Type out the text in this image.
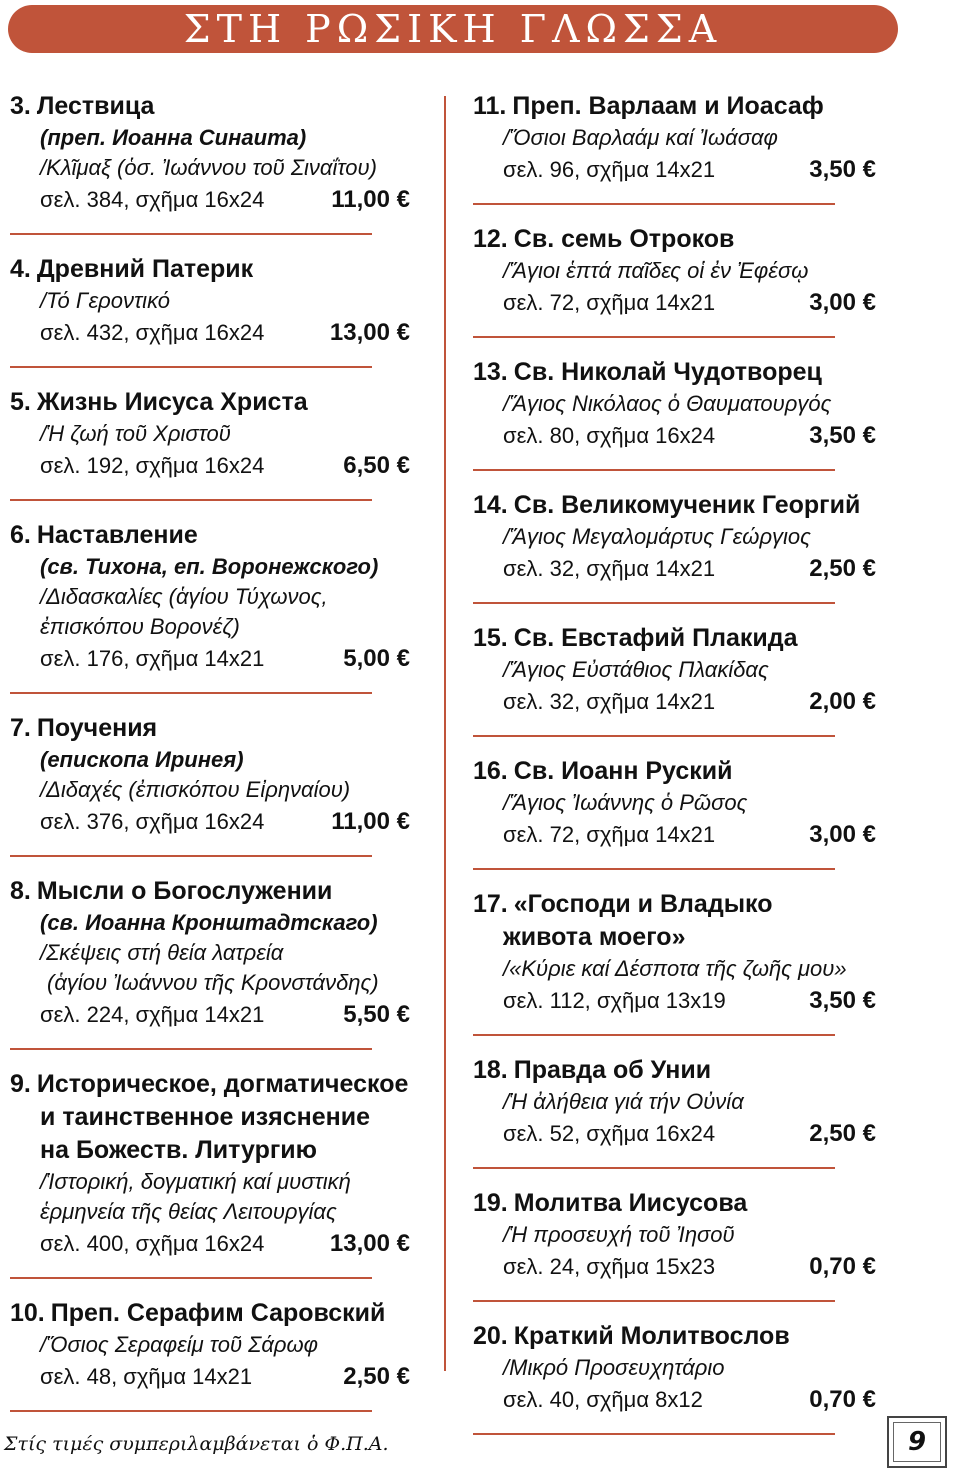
ΣΤΗ ΡΩΣΙΚΗ ΓΛΩΣΣΑ
3. Лествица
(преп. Иоанна Синаита)
/Κλῖμαξ (ὁσ. Ἰωάννου τοῦ Σιναΐτου)
σελ. 384, σχῆμα 16x24	11,00 €
4. Древний Патерик
/Τό Γεροντικό
σελ. 432, σχῆμα 16x24	13,00 €
5. Жизнь Иисуса Христа
/Ἡ ζωή τοῦ Χριστοῦ
σελ. 192, σχῆμα 16x24	6,50 €
6. Наставление
(св. Тихона, еп. Воронежского)
/Διδασκαλίες (ἁγίου Τύχωνος,
ἐπισκόπου Βορονέζ)
σελ. 176, σχῆμα 14x21	5,00 €
7. Поучения
(епископа Иринея)
/Διδαχές (ἐπισκόπου Εἰρηναίου)
σελ. 376, σχῆμα 16x24	11,00 €
8. Мысли о Богослужении
(св. Иоанна Кронштадтскаго)
/Σκέψεις στή θεία λατρεία
(ἁγίου Ἰωάννου τῆς Κρονστάνδης)
σελ. 224, σχῆμα 14x21	5,50 €
9. Историческое, догматическое
и таинственное изяснение
на Божеств. Литургию
/Ἱστορική, δογματική καί μυστική
ἑρμηνεία τῆς θείας Λειτουργίας
σελ. 400, σχῆμα 16x24	13,00 €
10. Преп. Серафим Саровский
/Ὅσιος Σεραφείμ τοῦ Σάρωφ
σελ. 48, σχῆμα 14x21	2,50 €
11. Преп. Варлаам и Иоасаф
/Ὅσιοι Βαρλαάμ καί Ἰωάσαφ
σελ. 96, σχῆμα 14x21	3,50 €
12. Св. семь Отроков
/Ἅγιοι ἑπτά παῖδες οἱ ἐν Ἐφέσῳ
σελ. 72, σχῆμα 14x21	3,00 €
13. Св. Николай Чудотворец
/Ἅγιος Νικόλαος ὁ Θαυματουργός
σελ. 80, σχῆμα 16x24	3,50 €
14. Св. Великомученик Георгий
/Ἅγιος Μεγαλομάρτυς Γεώργιος
σελ. 32, σχῆμα 14x21	2,50 €
15. Св. Евстафий Плакида
/Ἅγιος Εὐστάθιος Πλακίδας
σελ. 32, σχῆμα 14x21	2,00 €
16. Св. Иоанн Руский
/Ἅγιος Ἰωάννης ὁ Ρῶσος
σελ. 72, σχῆμα 14x21	3,00 €
17. «Господи и Владыко
живота моего»
/«Κύριε καί Δέσποτα τῆς ζωῆς μου»
σελ. 112, σχῆμα 13x19	3,50 €
18. Правда об Унии
/Ἡ ἀλήθεια γιά τήν Οὐνία
σελ. 52, σχῆμα 16x24	2,50 €
19. Молитва Иисусова
/Ἡ προσευχή τοῦ Ἰησοῦ
σελ. 24, σχῆμα 15x23	0,70 €
20. Краткий Молитвослов
/Μικρό Προσευχητάριο
σελ. 40, σχῆμα 8x12	0,70 €
Στίς τιμές συμπεριλαμβάνεται ὁ Φ.Π.Α.	9
